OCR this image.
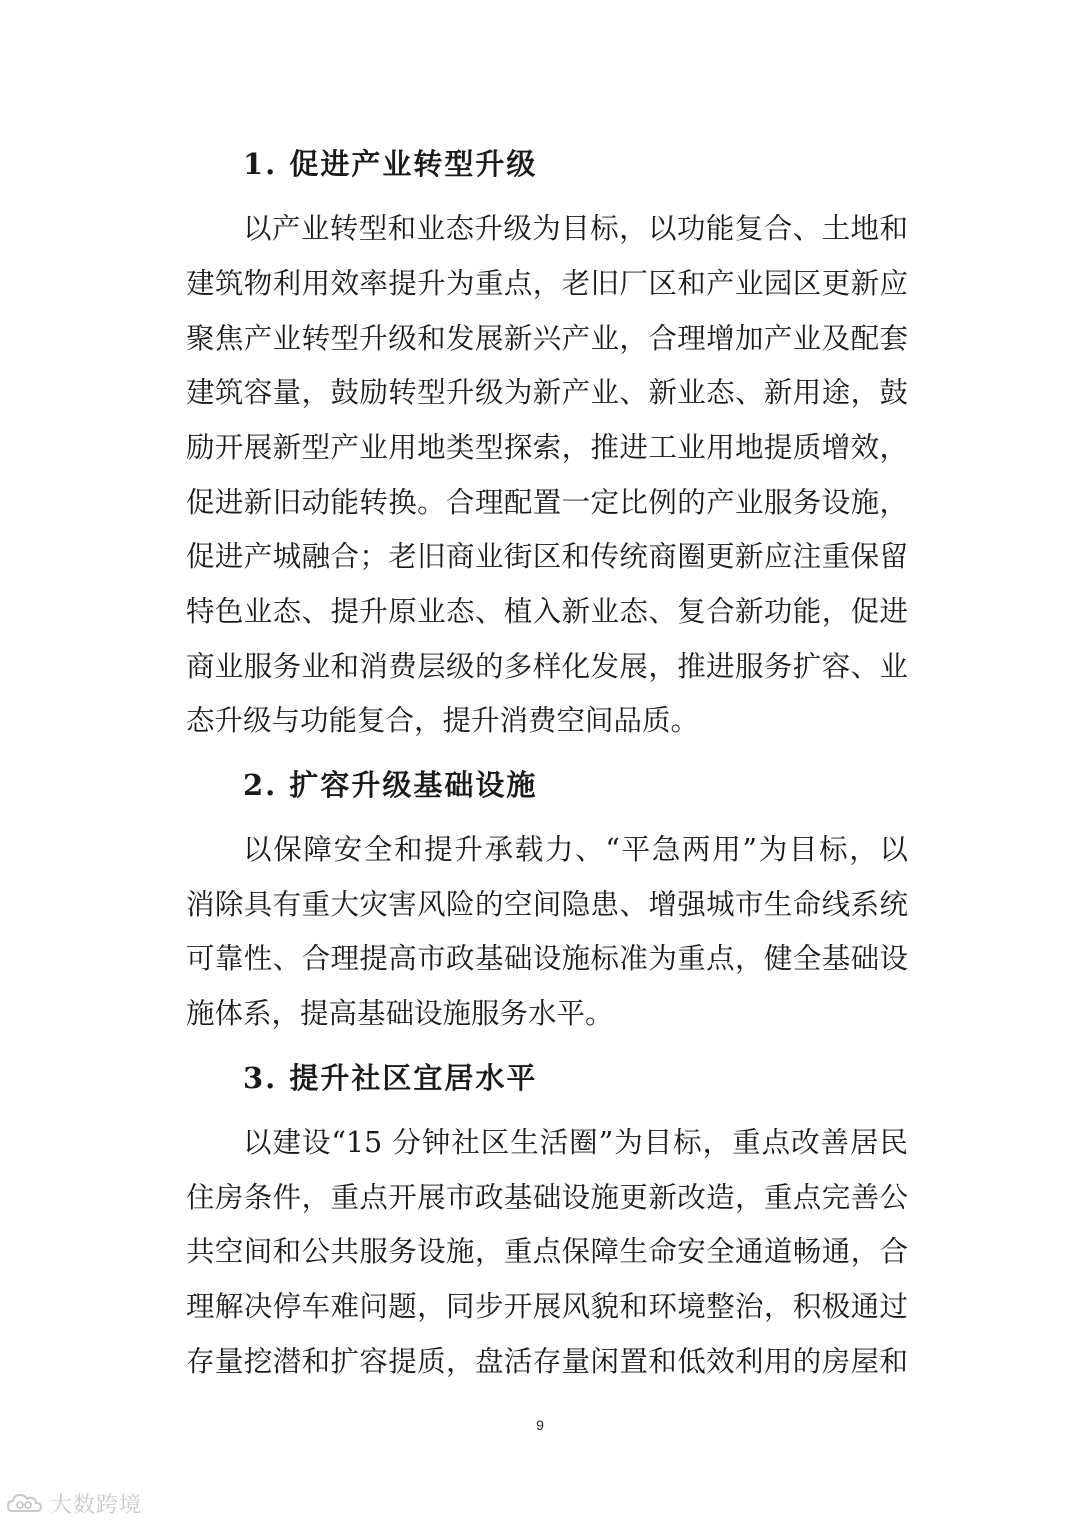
1. 促进产业转型升级

以产业转型和业态升级为目标，以功能复合、土地和

建筑物利用效率提升为重点，老旧厂区和产业园区更新应

聚焦产业转型升级和发展新兴产业，合理增加产业及配套

建筑容量，鼓励转型升级为新产业、新业态、新用途，鼓

励开展新型产业用地类型探索，推进工业用地提质增效，

促进新旧动能转换。合理配置一定比例的产业服务设施，

促进产城融合；老旧商业街区和传统商圈更新应注重保留

特色业态、提升原业态、植入新业态、复合新功能，促进

商业服务业和消费层级的多样化发展，推进服务扩容、业

态升级与功能复合，提升消费空间品质。

2. 扩容升级基础设施

以保障安全和提升承载力、“平急两用”为目标，以

消除具有重大灾害风险的空间隐患、增强城市生命线系统

可靠性、合理提高市政基础设施标准为重点，健全基础设

施体系，提高基础设施服务水平。

3. 提升社区宜居水平

以建设“15 分钟社区生活圈”为目标，重点改善居民

住房条件，重点开展市政基础设施更新改造，重点完善公

共空间和公共服务设施，重点保障生命安全通道畅通，合

理解决停车难问题，同步开展风貌和环境整治，积极通过

存量挖潜和扩容提质，盘活存量闲置和低效利用的房屋和

9
大数跨境
